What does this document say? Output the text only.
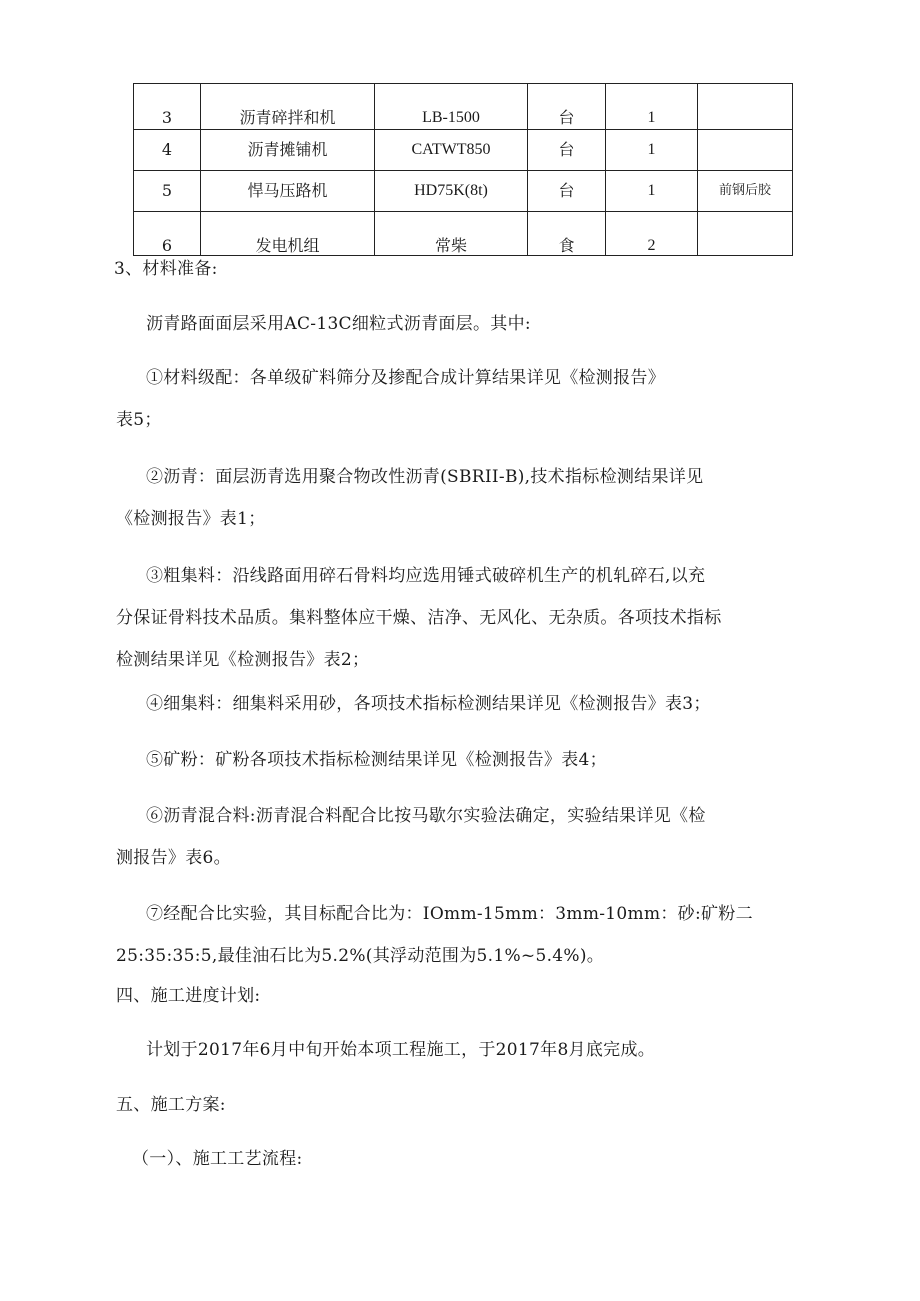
3	沥青碎拌和机	LB-1500	台	1	
4	沥青摊铺机	CATWT850	台	1	
5	悍马压路机	HD75K(8t)	台	1	前钢后胶
6	发电机组	常柴	食	2	
3、材料准备:
沥青路面面层采用AC-13C细粒式沥青面层。其中:
①材料级配：各单级矿料筛分及掺配合成计算结果详见《检测报告》
表5；
②沥青：面层沥青选用聚合物改性沥青(SBRII-B),技术指标检测结果详见
《检测报告》表1；
③粗集料：沿线路面用碎石骨料均应选用锤式破碎机生产的机轧碎石,以充
分保证骨料技术品质。集料整体应干燥、洁净、无风化、无杂质。各项技术指标
检测结果详见《检测报告》表2；
④细集料：细集料采用砂，各项技术指标检测结果详见《检测报告》表3；
⑤矿粉：矿粉各项技术指标检测结果详见《检测报告》表4；
⑥沥青混合料:沥青混合料配合比按马歇尔实验法确定，实验结果详见《检
测报告》表6。
⑦经配合比实验，其目标配合比为：IOmm-15mm：3mm-10mm：砂:矿粉二
25:35:35:5,最佳油石比为5.2%(其浮动范围为5.1%~5.4%)。
四、施工进度计划:
计划于2017年6月中旬开始本项工程施工，于2017年8月底完成。
五、施工方案:
（一）、施工工艺流程:
